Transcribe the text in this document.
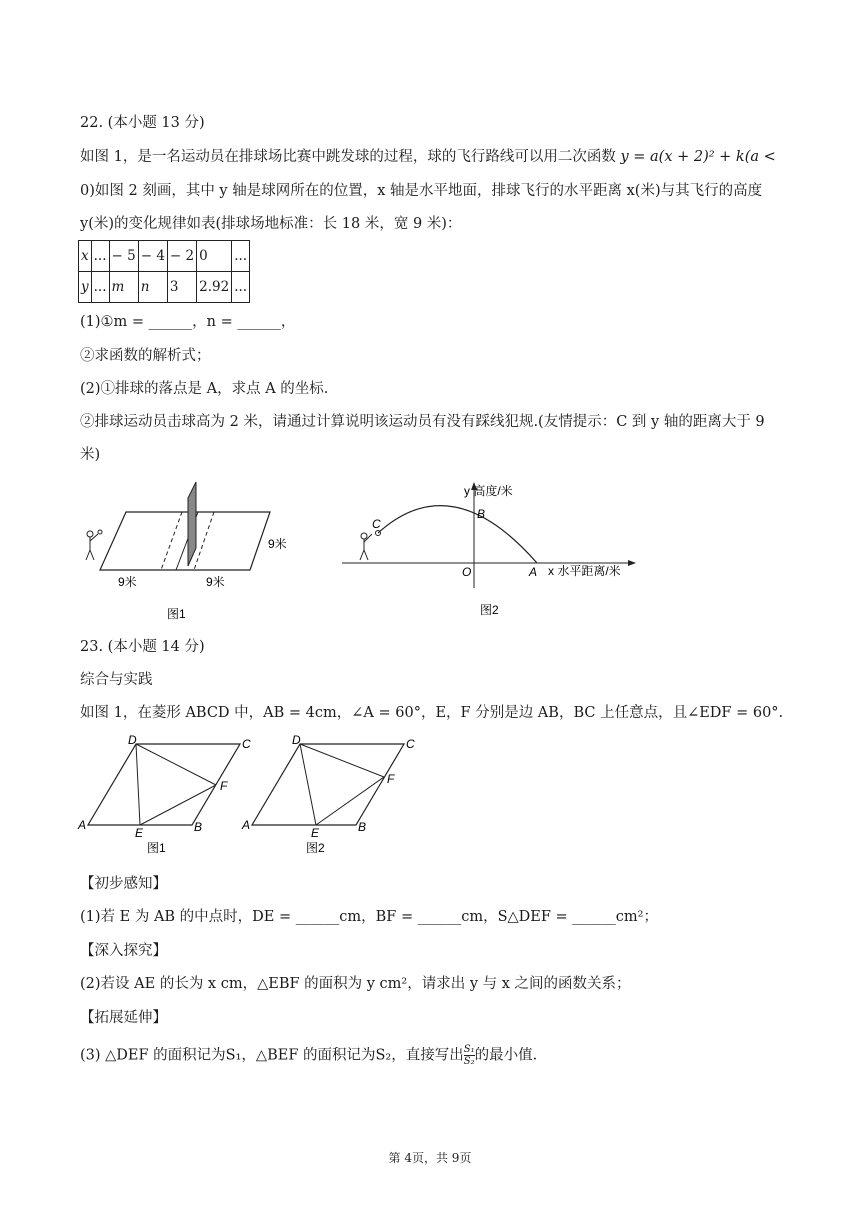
22. (本小题 13 分)
如图 1，是一名运动员在排球场比赛中跳发球的过程，球的飞行路线可以用二次函数 y = a(x + 2)² + k(a <
0)如图 2 刻画，其中 y 轴是球网所在的位置，x 轴是水平地面，排球飞行的水平距离 x(米)与其飞行的高度
y(米)的变化规律如表(排球场地标准：长 18 米，宽 9 米)：
x	...	− 5	− 4	− 2	0	...
y	...	m	n	3	2.92	...
(1)①m = ______，n = ______，
②求函数的解析式；
(2)①排球的落点是 A，求点 A 的坐标.
②排球运动员击球高为 2 米，请通过计算说明该运动员有没有踩线犯规.(友情提示：C 到 y 轴的距离大于 9
米)
9米
9米	9米
图1
y 高度/米
C
B
O	A x 水平距离/米
图2
23. (本小题 14 分)
综合与实践
如图 1，在菱形 ABCD 中，AB = 4cm，∠A = 60°，E，F 分别是边 AB，BC 上任意点，且∠EDF = 60°.
D	C
F
A
E	B
图1
D	C
F
A
E	B
图2
【初步感知】
(1)若 E 为 AB 的中点时，DE = ______cm，BF = ______cm，S△DEF = ______cm²；
【深入探究】
(2)若设 AE 的长为 x cm，△EBF 的面积为 y cm²，请求出 y 与 x 之间的函数关系；
【拓展延伸】
(3) △DEF 的面积记为S₁，△BEF 的面积记为S₂，直接写出 $\frac{\text{S₁}}{\text{S₂}}$ 的最小值.
第 4页，共 9页
